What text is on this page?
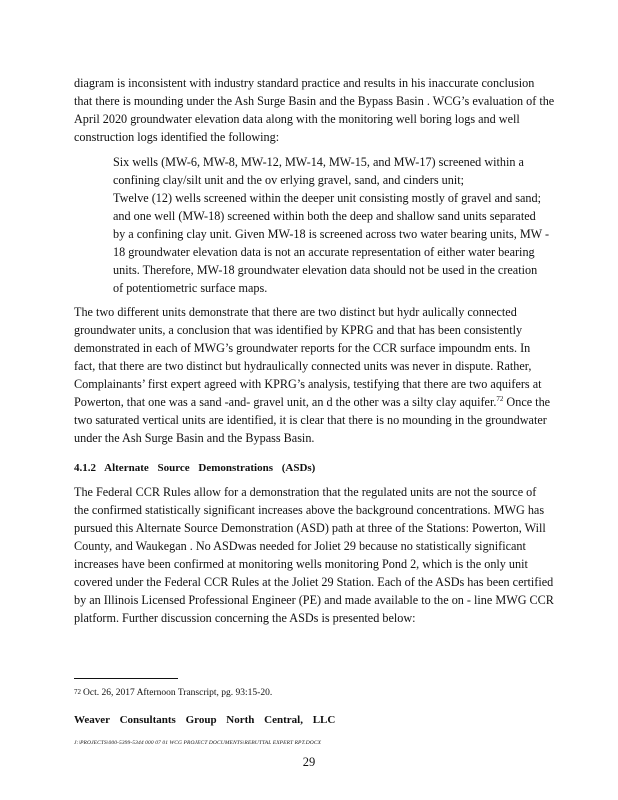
diagram is inconsistent with industry standard practice and results in his inaccurate conclusion
that there is mounding under the Ash Surge Basin and the Bypass Basin . WCG’s evaluation of the
April 2020 groundwater elevation data along with the monitoring well boring logs and well
construction logs identified the following:
Six wells (MW-6, MW-8, MW-12, MW-14, MW-15, and MW-17) screened within a
confining clay/silt unit and the ov erlying gravel, sand, and cinders unit;
Twelve (12) wells screened within the deeper unit consisting mostly of gravel and sand;
and one well (MW-18) screened within both the deep and shallow sand units separated
by a confining clay unit. Given MW-18 is screened across two water bearing units, MW -
18 groundwater elevation data is not an accurate representation of either water bearing
units. Therefore, MW-18 groundwater elevation data should not be used in the creation
of potentiometric surface maps.
The two different units demonstrate that there are two distinct but hydr aulically connected
groundwater units, a conclusion that was identified by KPRG and that has been consistently
demonstrated in each of MWG’s groundwater reports for the CCR surface impoundm ents. In
fact, that there are two distinct but hydraulically connected units was never in dispute. Rather,
Complainants’ first expert agreed with KPRG’s analysis, testifying that there are two aquifers at
Powerton, that one was a sand -and- gravel unit, an d the other was a silty clay aquifer.$^{72}$ Once the
two saturated vertical units are identified, it is clear that there is no mounding in the groundwater
under the Ash Surge Basin and the Bypass Basin.
4.1.2 Alternate Source Demonstrations (ASDs)
The Federal CCR Rules allow for a demonstration that the regulated units are not the source of
the confirmed statistically significant increases above the background concentrations. MWG has
pursued this Alternate Source Demonstration (ASD) path at three of the Stations: Powerton, Will
County, and Waukegan . No ASDwas needed for Joliet 29 because no statistically significant
increases have been confirmed at monitoring wells monitoring Pond 2, which is the only unit
covered under the Federal CCR Rules at the Joliet 29 Station. Each of the ASDs has been certified
by an Illinois Licensed Professional Engineer (PE) and made available to the on - line MWG CCR
platform. Further discussion concerning the ASDs is presented below:
$^{72}$ Oct. 26, 2017 Afternoon Transcript, pg. 93:15-20.
Weaver Consultants Group North Central, LLC
J:\PROJECTS\000-5399-5344 000 07 01 WCG PROJECT DOCUMENTS\REBUTTAL EXPERT RPT.DOCX
29
